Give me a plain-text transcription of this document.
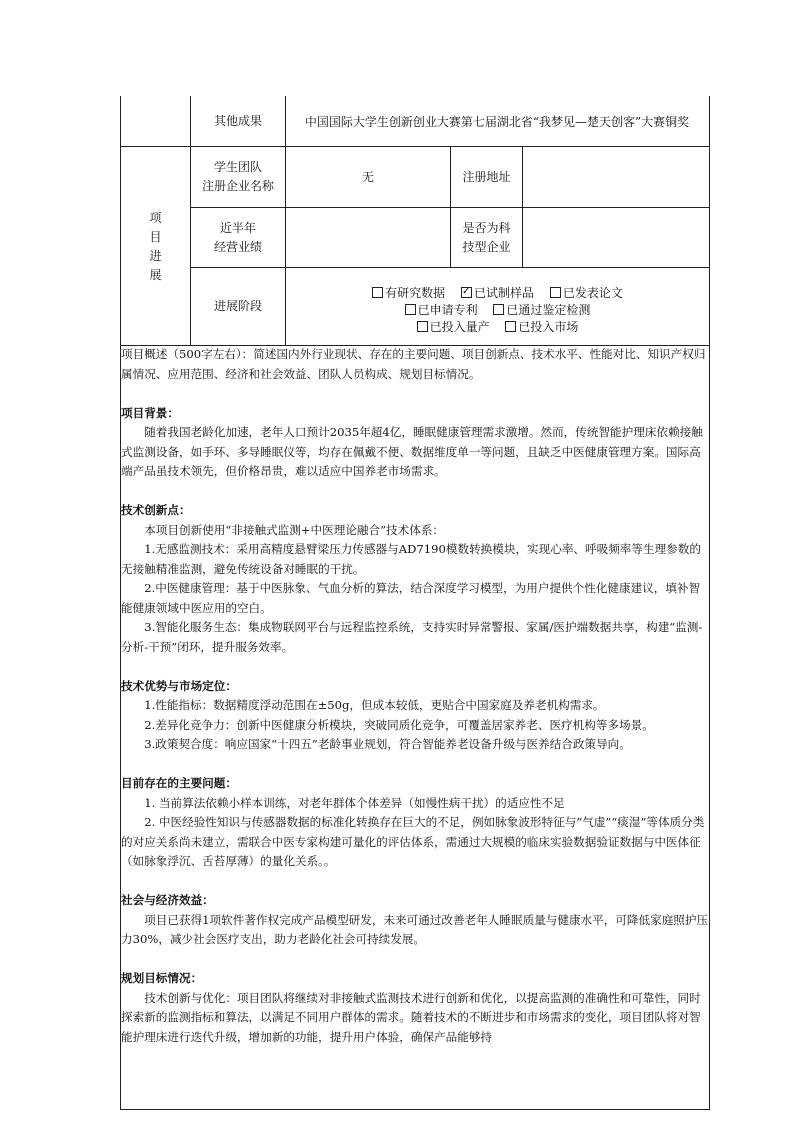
其他成果	中国国际大学生创新创业大赛第七届湖北省“我梦见—楚天创客”大赛铜奖
项
目
进
展
学生团队
注册企业名称
无	注册地址
近半年
经营业绩
是否为科
技型企业
进展阶段
有研究数据 ✓ 已试制样品 已发表论文
已申请专利 已通过鉴定检测
已投入量产 已投入市场

项目概述（500字左右）：简述国内外行业现状、存在的主要问题、项目创新点、技术水平、性能对比、知识产权归属情况、应用范围、经济和社会效益、团队人员构成、规划目标情况。

项目背景：

随着我国老龄化加速，老年人口预计2035年超4亿，睡眠健康管理需求激增。然而，传统智能护理床依赖接触式监测设备，如手环、多导睡眠仪等，均存在佩戴不便、数据维度单一等问题，且缺乏中医健康管理方案。国际高端产品虽技术领先，但价格昂贵，难以适应中国养老市场需求。

技术创新点：

本项目创新使用“非接触式监测+中医理论融合”技术体系：

1.无感监测技术：采用高精度悬臂梁压力传感器与AD7190模数转换模块，实现心率、呼吸频率等生理参数的无接触精准监测，避免传统设备对睡眠的干扰。

2.中医健康管理：基于中医脉象、气血分析的算法，结合深度学习模型，为用户提供个性化健康建议，填补智能健康领域中医应用的空白。

3.智能化服务生态：集成物联网平台与远程监控系统，支持实时异常警报、家属/医护端数据共享，构建“监测-分析-干预”闭环，提升服务效率。

技术优势与市场定位：

1.性能指标：数据精度浮动范围在±50g，但成本较低，更贴合中国家庭及养老机构需求。

2.差异化竞争力：创新中医健康分析模块，突破同质化竞争，可覆盖居家养老、医疗机构等多场景。

3.政策契合度：响应国家“十四五”老龄事业规划，符合智能养老设备升级与医养结合政策导向。

目前存在的主要问题：

1. 当前算法依赖小样本训练，对老年群体个体差异（如慢性病干扰）的适应性不足

2. 中医经验性知识与传感器数据的标准化转换存在巨大的不足，例如脉象波形特征与“气虚”“痰湿”等体质分类的对应关系尚未建立，需联合中医专家构建可量化的评估体系，需通过大规模的临床实验数据验证数据与中医体征（如脉象浮沉、舌苔厚薄）的量化关系。。

社会与经济效益：

项目已获得1项软件著作权完成产品模型研发，未来可通过改善老年人睡眠质量与健康水平，可降低家庭照护压力30%，减少社会医疗支出，助力老龄化社会可持续发展。

规划目标情况：

技术创新与优化：项目团队将继续对非接触式监测技术进行创新和优化，以提高监测的准确性和可靠性，同时探索新的监测指标和算法，以满足不同用户群体的需求。随着技术的不断进步和市场需求的变化，项目团队将对智能护理床进行迭代升级，增加新的功能，提升用户体验，确保产品能够持
